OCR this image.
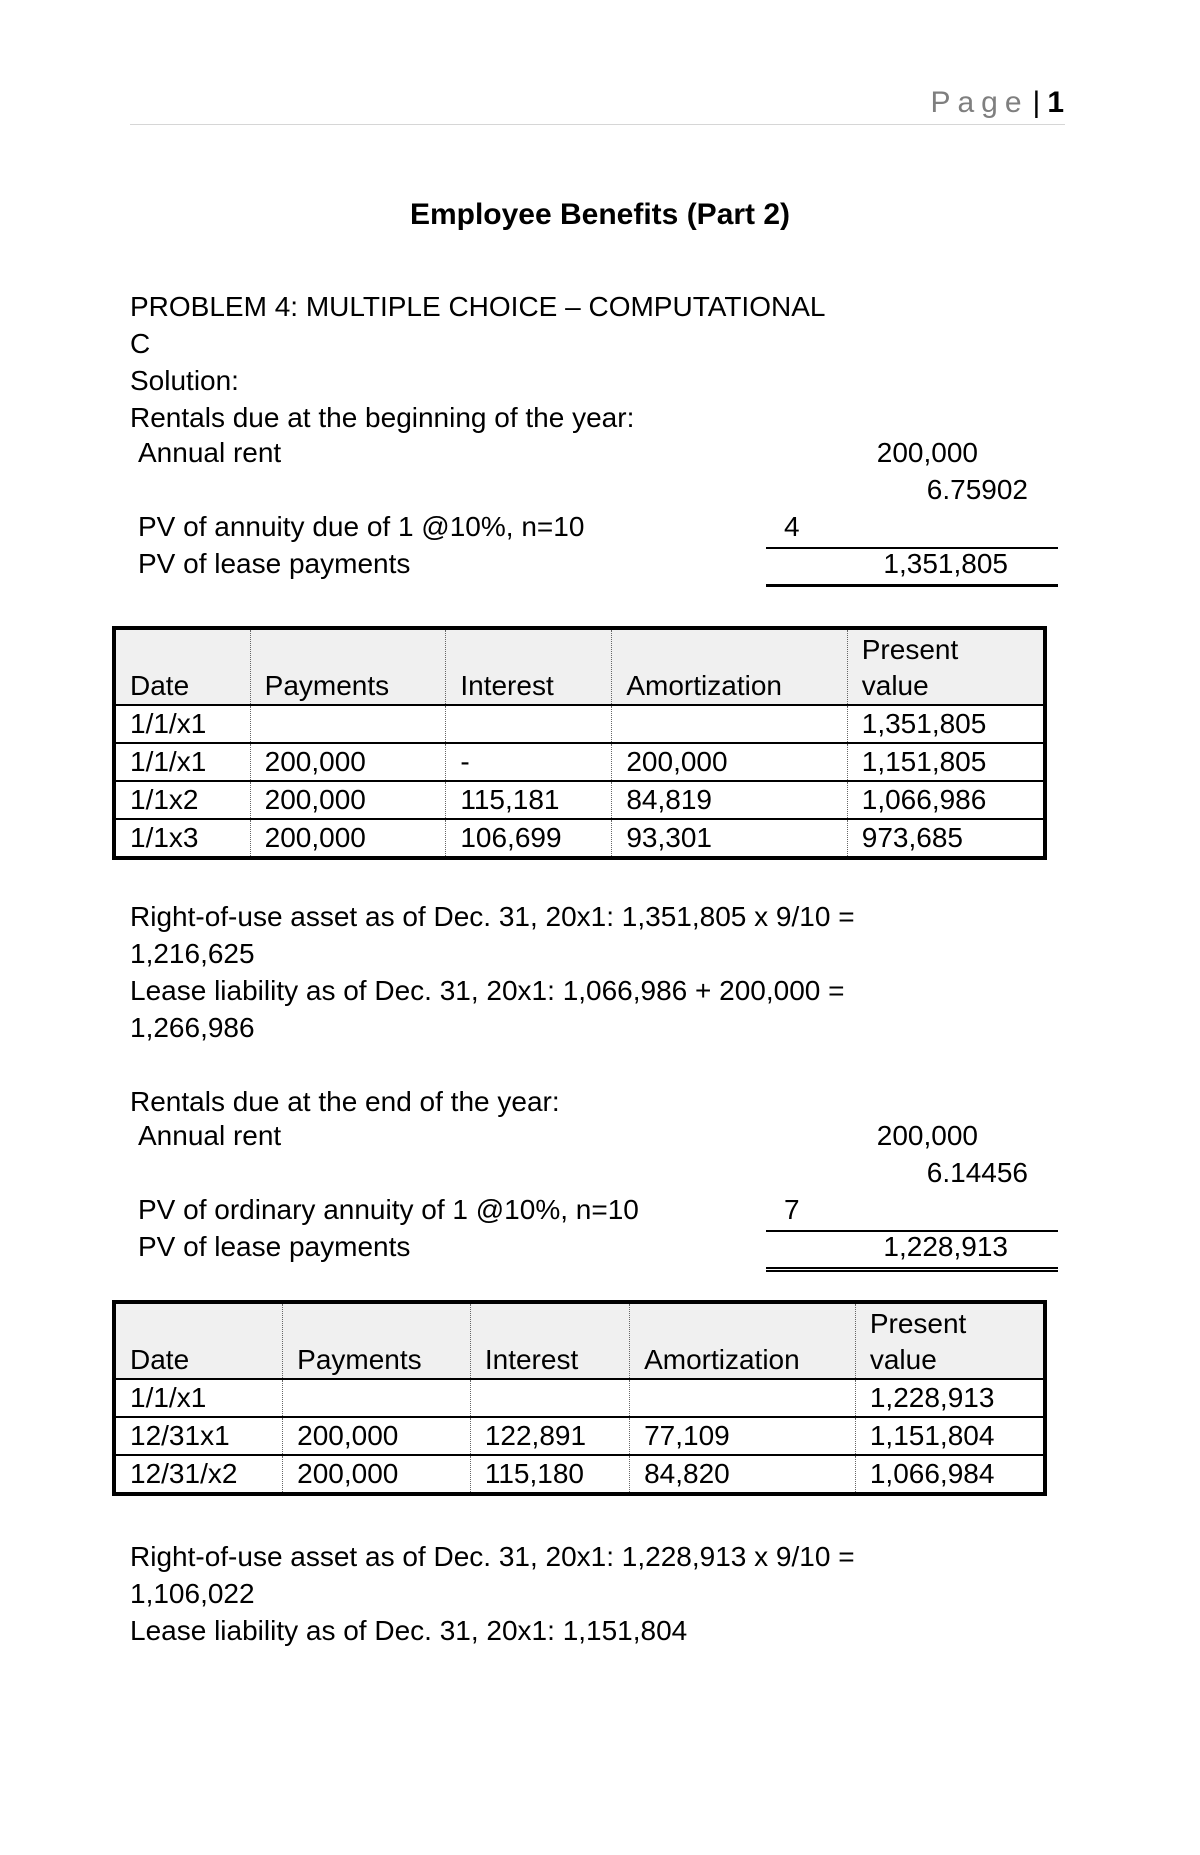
Page | 1
Employee Benefits (Part 2)
PROBLEM 4: MULTIPLE CHOICE – COMPUTATIONAL
C
Solution:
Rentals due at the beginning of the year:
Annual rent	200,000
6.75902
PV of annuity due of 1 @10%, n=10	4
PV of lease payments	1,351,805
Date	Payments	Interest	Amortization	Present
value
1/1/x1				1,351,805
1/1/x1	200,000	-	200,000	1,151,805
1/1x2	200,000	115,181	84,819	1,066,986
1/1x3	200,000	106,699	93,301	973,685
Right-of-use asset as of Dec. 31, 20x1: 1,351,805 x 9/10 =
1,216,625
Lease liability as of Dec. 31, 20x1: 1,066,986 + 200,000 =
1,266,986
Rentals due at the end of the year:
Annual rent	200,000
6.14456
PV of ordinary annuity of 1 @10%, n=10	7
PV of lease payments	1,228,913
Date	Payments	Interest	Amortization	Present
value
1/1/x1				1,228,913
12/31x1	200,000	122,891	77,109	1,151,804
12/31/x2	200,000	115,180	84,820	1,066,984
Right-of-use asset as of Dec. 31, 20x1: 1,228,913 x 9/10 =
1,106,022
Lease liability as of Dec. 31, 20x1: 1,151,804
